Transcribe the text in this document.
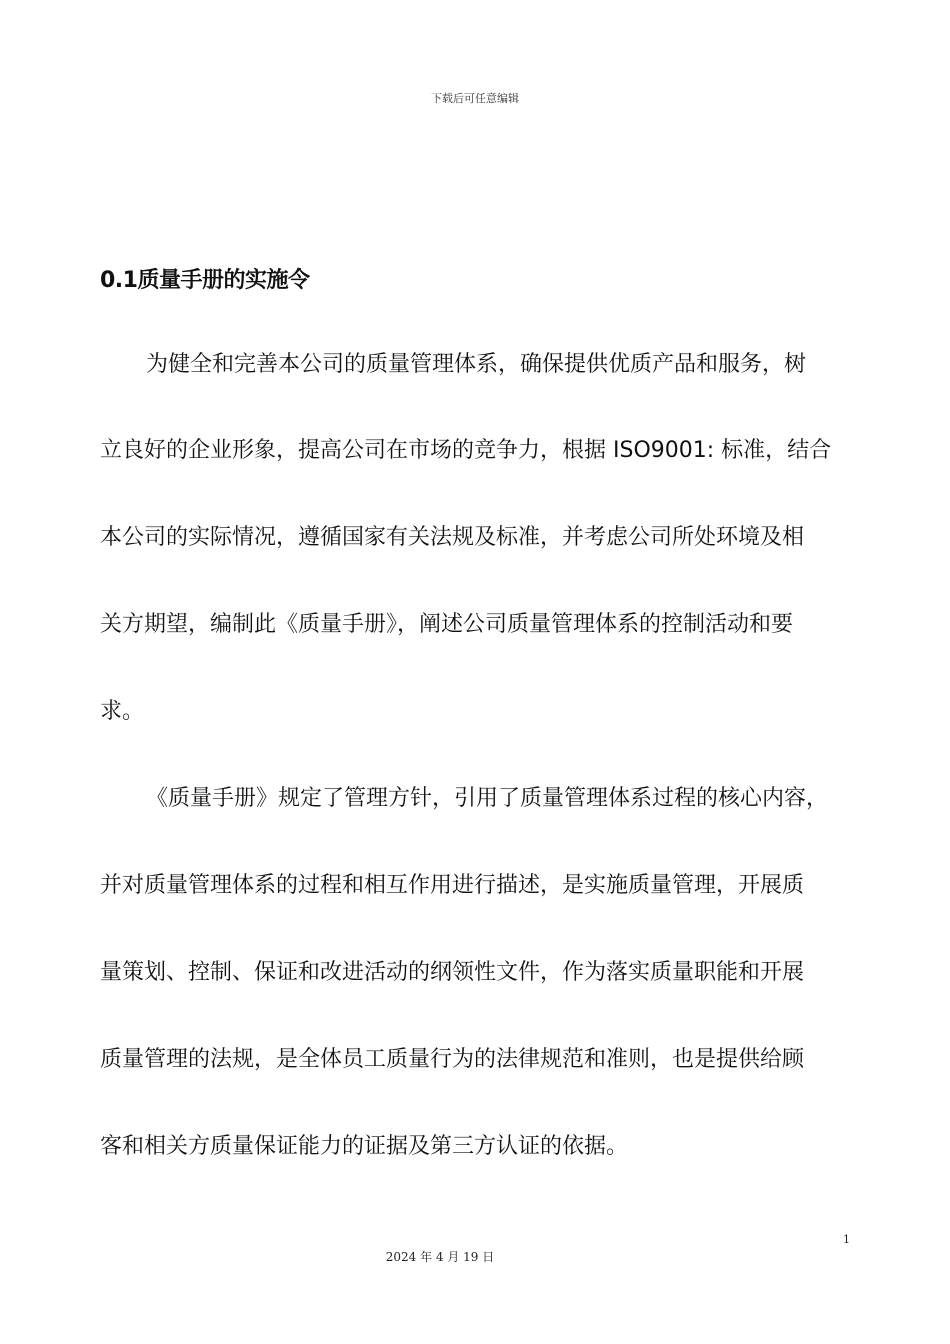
下载后可任意编辑
0.1质量手册的实施令

为健全和完善本公司的质量管理体系，确保提供优质产品和服务，树

立良好的企业形象，提高公司在市场的竞争力，根据 ISO9001: 标准，结合

本公司的实际情况，遵循国家有关法规及标准，并考虑公司所处环境及相

关方期望，编制此《质量手册》，阐述公司质量管理体系的控制活动和要

求。

《质量手册》规定了管理方针，引用了质量管理体系过程的核心内容，

并对质量管理体系的过程和相互作用进行描述，是实施质量管理，开展质

量策划、控制、保证和改进活动的纲领性文件，作为落实质量职能和开展

质量管理的法规，是全体员工质量行为的法律规范和准则，也是提供给顾

客和相关方质量保证能力的证据及第三方认证的依据。

1
2024 年 4 月 19 日
